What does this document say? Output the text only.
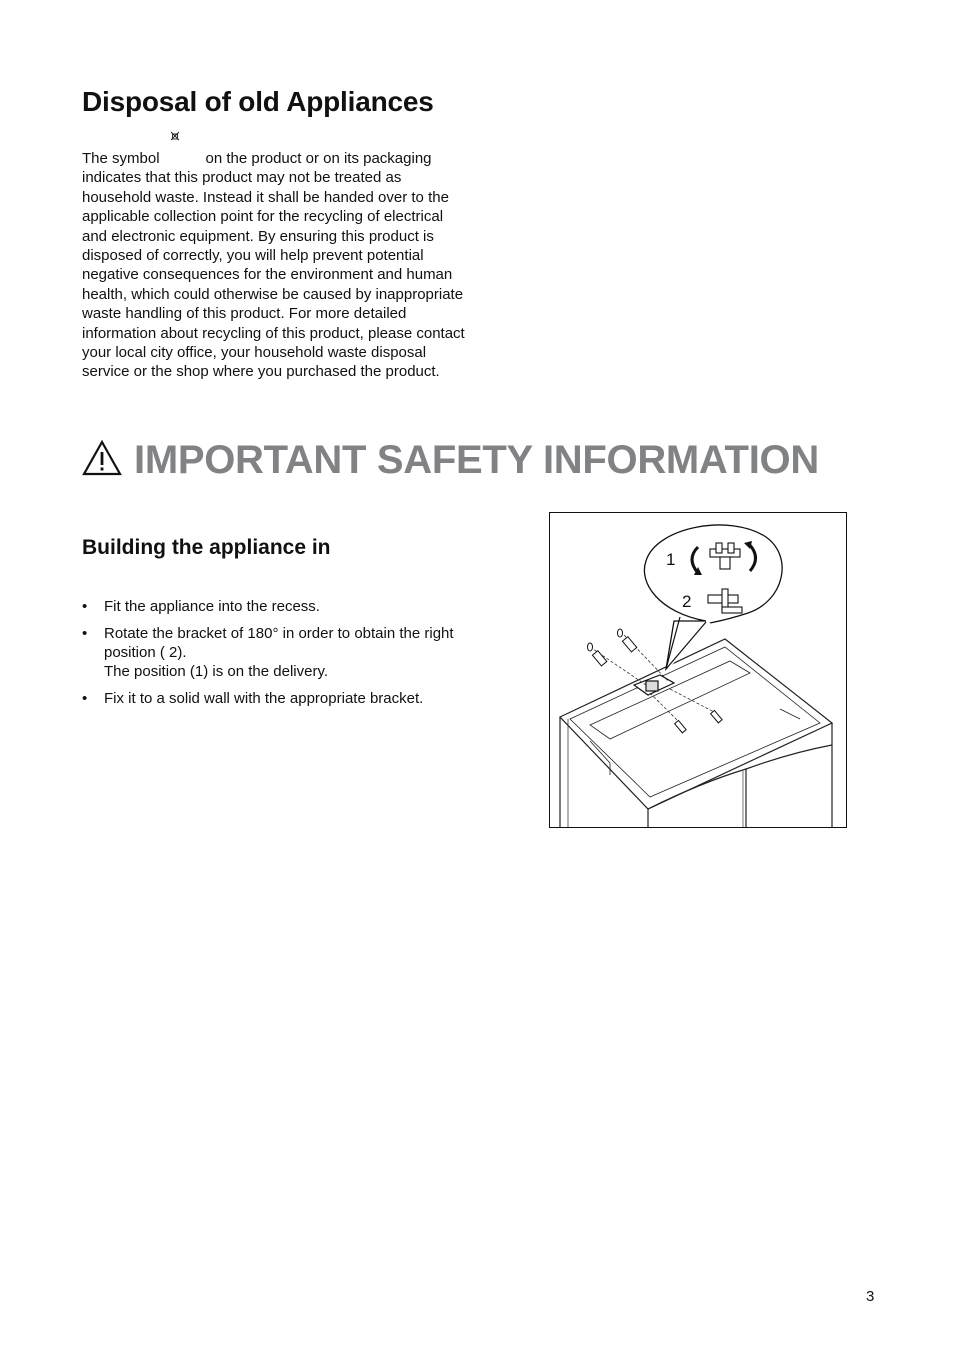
Disposal of old Appliances

The symbol	on the product or on its packaging indicates that this product may not be treated as household waste. Instead it shall be handed over to the applicable collection point for the recycling of electrical and electronic equipment. By ensuring this product is disposed of correctly, you will help prevent potential negative consequences for the environment and human health, which could otherwise be caused by inappropriate waste handling of this product. For more detailed information about recycling of this product, please contact your local city office, your household waste disposal service or the shop where you purchased the product.

IMPORTANT SAFETY INFORMATION
Building the appliance in
• Fit the appliance into the recess.
• Rotate the bracket of 180° in order to obtain the right position ( 2).
The position (1) is on the delivery.
• Fix it to a solid wall with the appropriate bracket.
1
2
3
